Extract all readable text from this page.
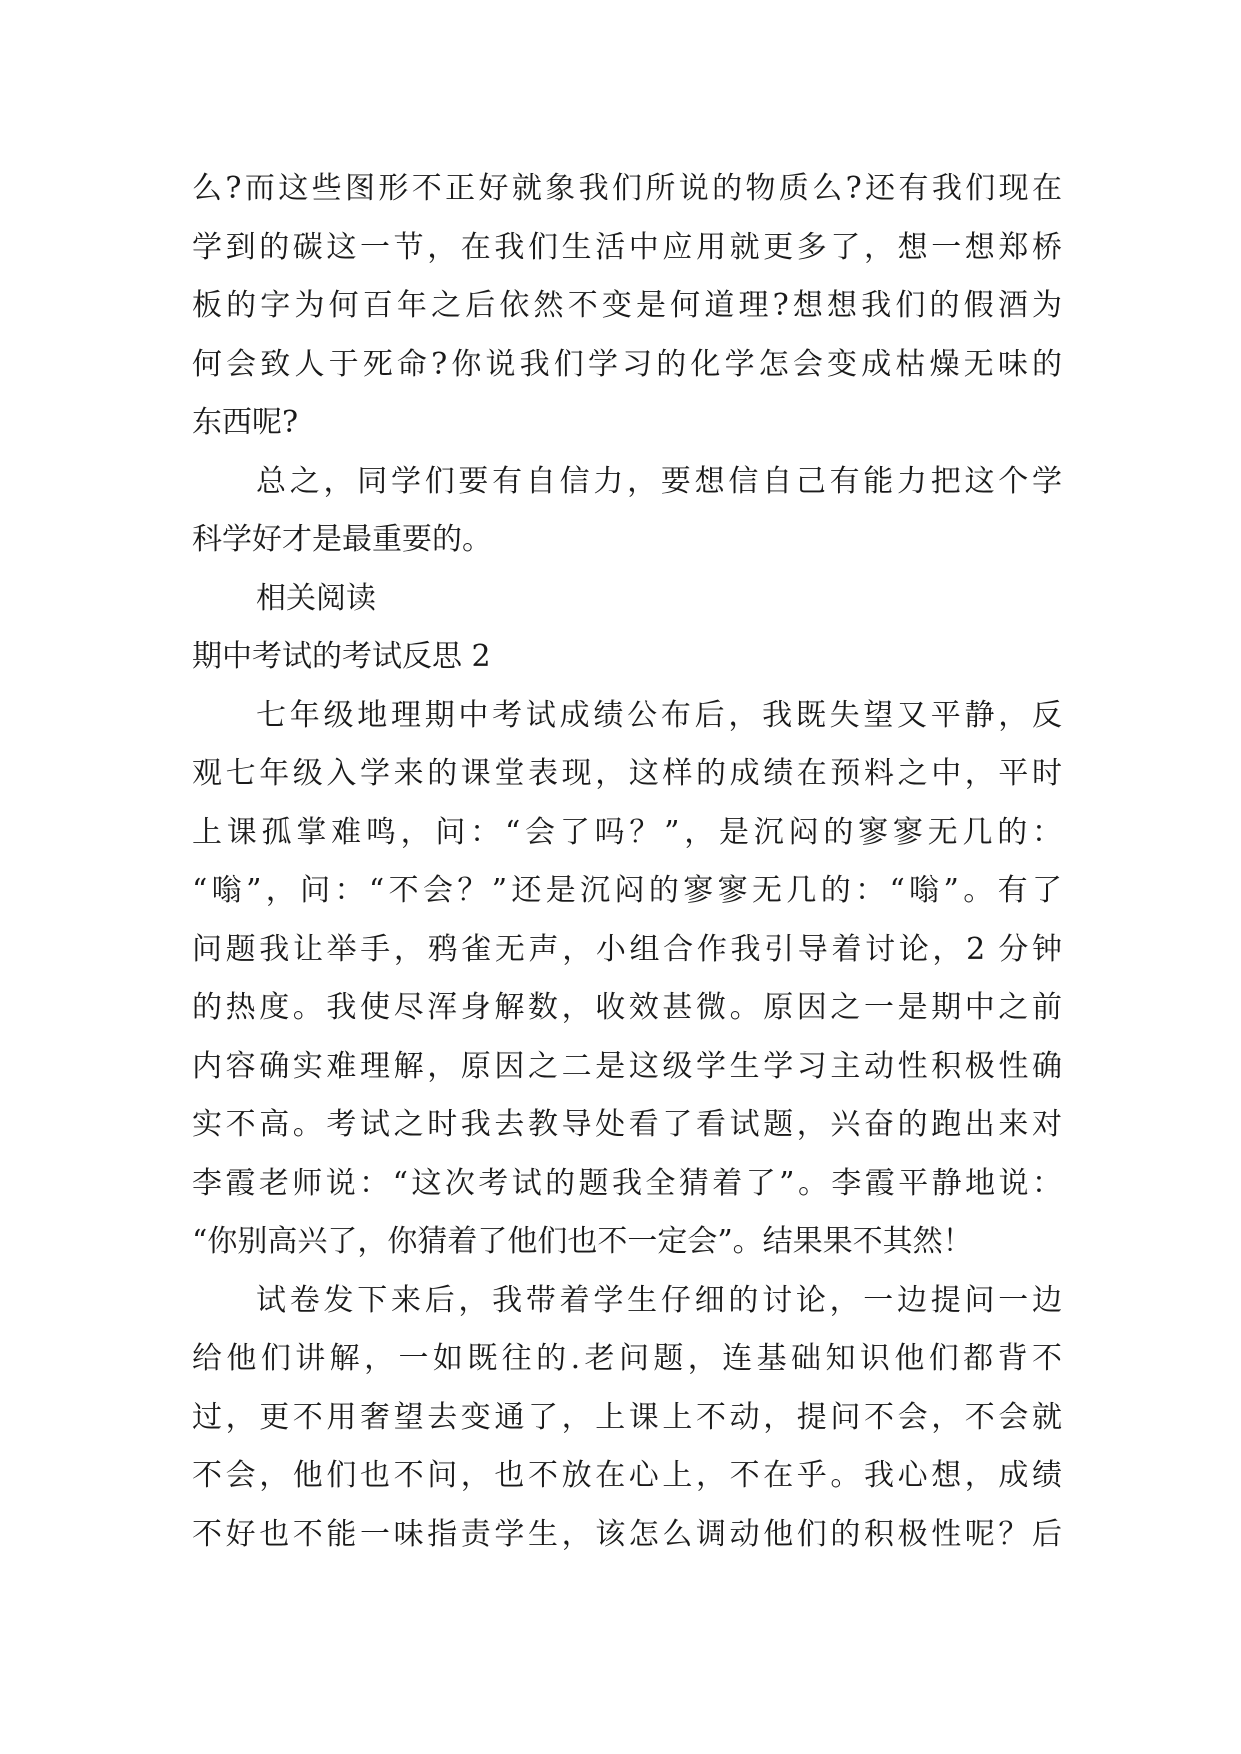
么?而这些图形不正好就象我们所说的物质么?还有我们现在
学到的碳这一节，在我们生活中应用就更多了，想一想郑桥
板的字为何百年之后依然不变是何道理?想想我们的假酒为
何会致人于死命?你说我们学习的化学怎会变成枯燥无味的
东西呢?
总之，同学们要有自信力，要想信自己有能力把这个学
科学好才是最重要的。
相关阅读
期中考试的考试反思 2
七年级地理期中考试成绩公布后，我既失望又平静，反
观七年级入学来的课堂表现，这样的成绩在预料之中，平时
上课孤掌难鸣，问：“会了吗？”，是沉闷的寥寥无几的：
“嗡”，问：“不会？”还是沉闷的寥寥无几的：“嗡”。有了
问题我让举手，鸦雀无声，小组合作我引导着讨论，2 分钟
的热度。我使尽浑身解数，收效甚微。原因之一是期中之前
内容确实难理解，原因之二是这级学生学习主动性积极性确
实不高。考试之时我去教导处看了看试题，兴奋的跑出来对
李霞老师说：“这次考试的题我全猜着了”。李霞平静地说：
“你别高兴了，你猜着了他们也不一定会”。结果果不其然！
试卷发下来后，我带着学生仔细的讨论，一边提问一边
给他们讲解，一如既往的.老问题，连基础知识他们都背不
过，更不用奢望去变通了，上课上不动，提问不会，不会就
不会，他们也不问，也不放在心上，不在乎。我心想，成绩
不好也不能一味指责学生，该怎么调动他们的积极性呢？后
